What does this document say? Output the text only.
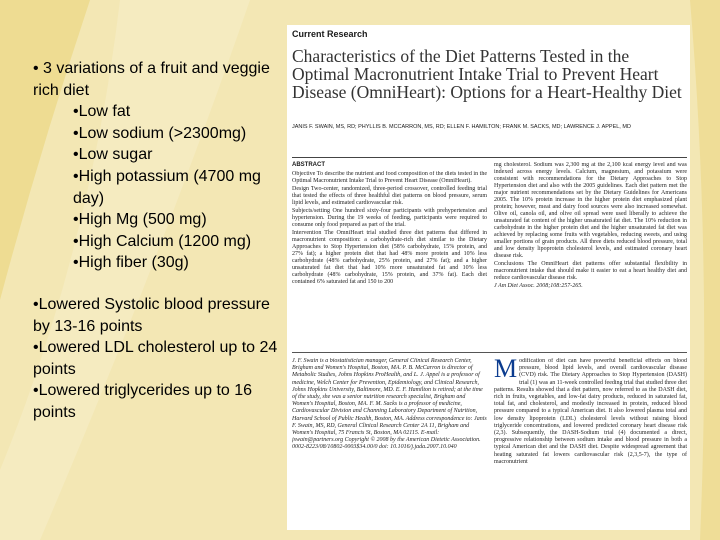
• 3 variations of a fruit and veggie rich diet

•Low fat

•Low sodium (>2300mg)

•Low sugar

•High potassium (4700 mg day)

•High Mg (500 mg)

•High Calcium (1200 mg)

•High fiber (30g)

•Lowered Systolic blood pressure by 13-16 points

•Lowered LDL cholesterol up to 24 points

•Lowered triglycerides up to 16 points

Current Research
Characteristics of the Diet Patterns Tested in the Optimal Macronutrient Intake Trial to Prevent Heart Disease (OmniHeart): Options for a Heart-Healthy Diet
JANIS F. SWAIN, MS, RD; PHYLLIS B. MCCARRON, MS, RD; ELLEN F. HAMILTON; FRANK M. SACKS, MD; LAWRENCE J. APPEL, MD
ABSTRACT

Objective To describe the nutrient and food composition of the diets tested in the Optimal Macronutrient Intake Trial to Prevent Heart Disease (OmniHeart).

Design Two-center, randomized, three-period crossover, controlled feeding trial that tested the effects of three healthful diet patterns on blood pressure, serum lipid levels, and estimated cardiovascular risk.

Subjects/setting One hundred sixty-four participants with prehypertension and hypertension. During the 19 weeks of feeding, participants were required to consume only food prepared as part of the trial.

Intervention The OmniHeart trial studied three diet patterns that differed in macronutrient composition: a carbohydrate-rich diet similar to the Dietary Approaches to Stop Hypertension diet (58% carbohydrate, 15% protein, and 27% fat); a higher protein diet that had 48% more protein and 10% less carbohydrate (48% carbohydrate, 25% protein, and 27% fat); and a higher unsaturated fat diet that had 10% more unsaturated fat and 10% less carbohydrate (48% carbohydrate, 15% protein, and 37% fat). Each diet contained 6% saturated fat and 150 to 200

mg cholesterol. Sodium was 2,300 mg at the 2,100 kcal energy level and was indexed across energy levels. Calcium, magnesium, and potassium were consistent with recommendations for the Dietary Approaches to Stop Hypertension diet and also with the 2005 guidelines. Each diet pattern met the major nutrient recommendations set by the Dietary Guidelines for Americans 2005. The 10% protein increase in the higher protein diet emphasized plant protein; however, meat and dairy food sources were also increased somewhat. Olive oil, canola oil, and olive oil spread were used liberally to achieve the unsaturated fat content of the higher unsaturated fat diet. The 10% reduction in carbohydrate in the higher protein diet and the higher unsaturated fat diet was achieved by replacing some fruits with vegetables, reducing sweets, and using smaller portions of grain products. All three diets reduced blood pressure, total and low density lipoprotein cholesterol levels, and estimated coronary heart disease risk.

Conclusions The OmniHeart diet patterns offer substantial flexibility in macronutrient intake that should make it easier to eat a heart healthy diet and reduce cardiovascular disease risk.

J Am Diet Assoc. 2008;108:257-265.

J. F. Swain is a biostatistician manager, General Clinical Research Center, Brigham and Women's Hospital, Boston, MA. P. B. McCarron is director of Metabolic Studies, Johns Hopkins ProHealth, and L. J. Appel is a professor of medicine, Welch Center for Prevention, Epidemiology, and Clinical Research, Johns Hopkins University, Baltimore, MD. E. F. Hamilton is retired; at the time of the study, she was a senior nutrition research specialist, Brigham and Women's Hospital, Boston, MA. F. M. Sacks is a professor of medicine, Cardiovascular Division and Channing Laboratory Department of Nutrition, Harvard School of Public Health, Boston, MA. Address correspondence to: Janis F. Swain, MS, RD, General Clinical Research Center 2A 11, Brigham and Women's Hospital, 75 Francis St, Boston, MA 02115. E-mail: jswain@partners.org Copyright © 2008 by the American Dietetic Association. 0002-8223/08/10802-0003$34.00/0 doi: 10.1016/j.jada.2007.10.040
Modification of diet can have powerful beneficial effects on blood pressure, blood lipid levels, and overall cardiovascular disease (CVD) risk. The Dietary Approaches to Stop Hypertension (DASH) trial (1) was an 11-week controlled feeding trial that studied three diet patterns. Results showed that a diet pattern, now referred to as the DASH diet, rich in fruits, vegetables, and low-fat dairy products, reduced in saturated fat, total fat, and cholesterol, and modestly increased in protein, reduced blood pressure compared to a typical American diet. It also lowered plasma total and low density lipoprotein (LDL) cholesterol levels without raising blood triglyceride concentrations, and lowered predicted coronary heart disease risk (2,3). Subsequently, the DASH-Sodium trial (4) documented a direct, progressive relationship between sodium intake and blood pressure in both a typical American diet and the DASH diet. Despite widespread agreement that heating saturated fat lowers cardiovascular risk (2,3,5-7), the type of macronutrient
